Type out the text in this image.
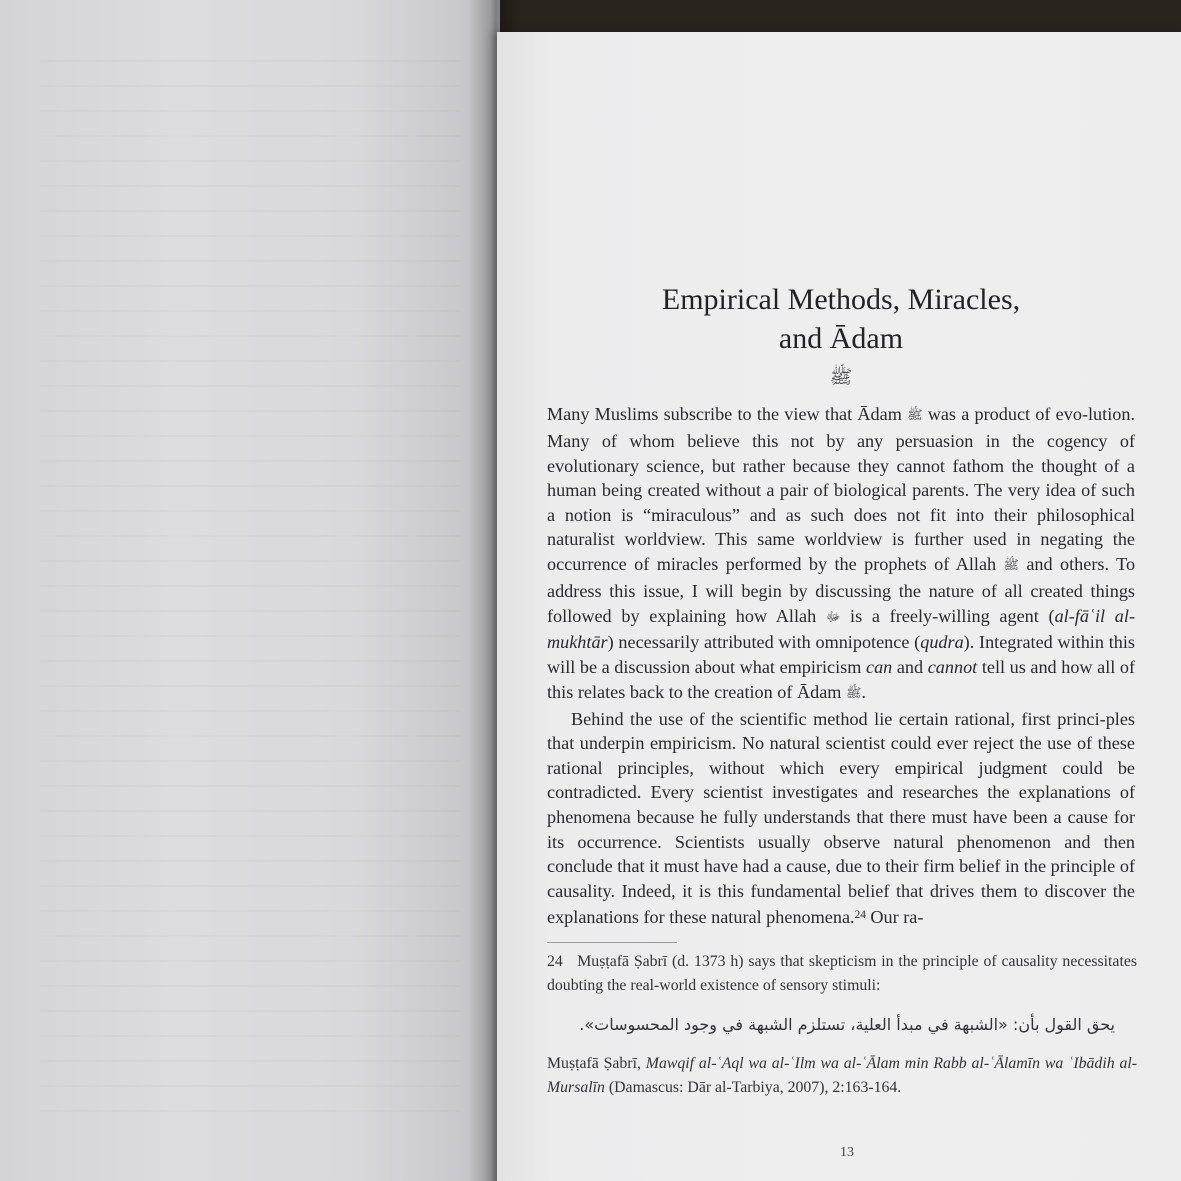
Empirical Methods, Miracles,
and Ādam
ﷺ

Many Muslims subscribe to the view that Ādam ﷺ was a product of evo-lution. Many of whom believe this not by any persuasion in the cogency of evolutionary science, but rather because they cannot fathom the thought of a human being created without a pair of biological parents. The very idea of such a notion is “miraculous” and as such does not fit into their philosophical naturalist worldview. This same worldview is further used in negating the occurrence of miracles performed by the prophets of Allah ﷺ and others. To address this issue, I will begin by discussing the nature of all created things followed by explaining how Allah ﷻ is a freely-willing agent (al-fāʿil al-mukhtār) necessarily attributed with omnipotence (qudra). Integrated within this will be a discussion about what empiricism can and cannot tell us and how all of this relates back to the creation of Ādam ﷺ.

Behind the use of the scientific method lie certain rational, first princi-ples that underpin empiricism. No natural scientist could ever reject the use of these rational principles, without which every empirical judgment could be contradicted. Every scientist investigates and researches the explanations of phenomena because he fully understands that there must have been a cause for its occurrence. Scientists usually observe natural phenomenon and then conclude that it must have had a cause, due to their firm belief in the principle of causality. Indeed, it is this fundamental belief that drives them to discover the explanations for these natural phenomena.$^{24}$ Our ra-

24 Muṣṭafā Ṣabrī (d. 1373 h) says that skepticism in the principle of causality necessitates doubting the real-world existence of sensory stimuli:

يحق القول بأن: «الشبهة في مبدأ العلية، تستلزم الشبهة في وجود المحسوسات».

Muṣṭafā Ṣabrī, Mawqif al-ʿAql wa al-ʿIlm wa al-ʿĀlam min Rabb al-ʿĀlamīn wa ʿIbādih al-Mursalīn (Damascus: Dār al-Tarbiya, 2007), 2:163-164.

13
